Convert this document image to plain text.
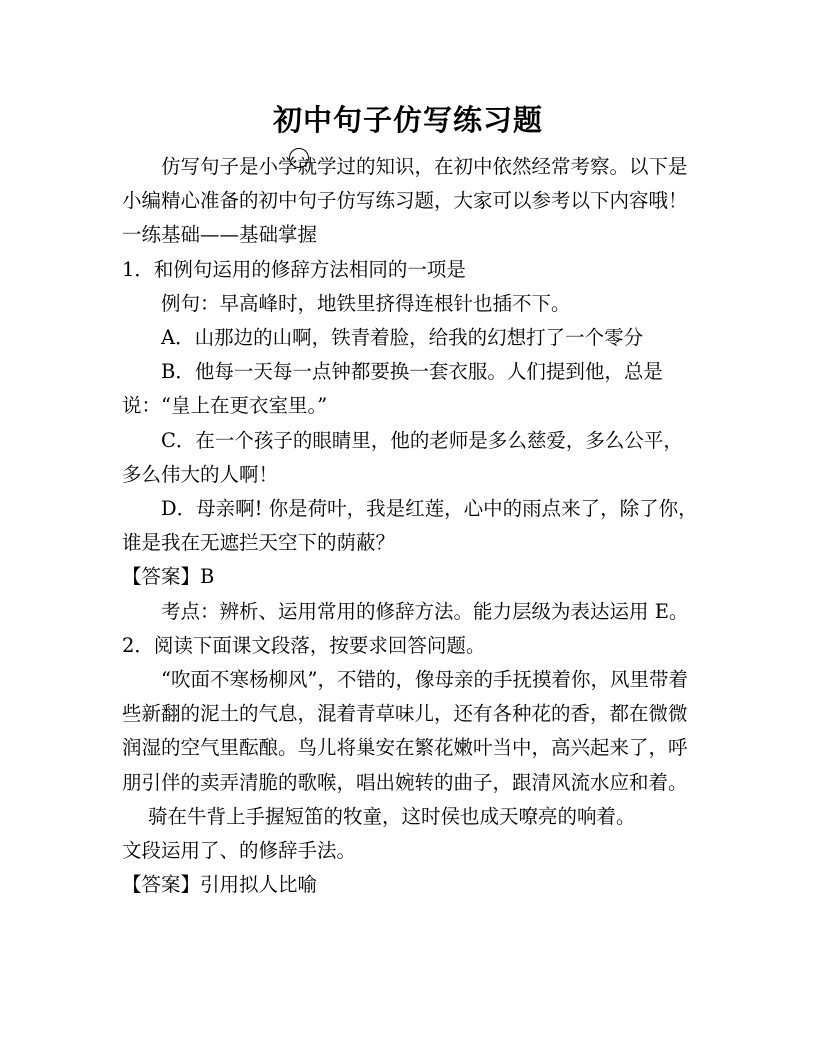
初中句子仿写练习题

仿写句子是小学就学过的知识，在初中依然经常考察。以下是小编精心准备的初中句子仿写练习题，大家可以参考以下内容哦！

一练基础——基础掌握

1．和例句运用的修辞方法相同的一项是

例句：早高峰时，地铁里挤得连根针也插不下。

A．山那边的山啊，铁青着脸，给我的幻想打了一个零分

B．他每一天每一点钟都要换一套衣服。人们提到他，总是说：“皇上在更衣室里。”

C．在一个孩子的眼睛里，他的老师是多么慈爱，多么公平，多么伟大的人啊！

D．母亲啊! 你是荷叶，我是红莲，心中的雨点来了，除了你，谁是我在无遮拦天空下的荫蔽？

【答案】B

考点：辨析、运用常用的修辞方法。能力层级为表达运用 E。

2．阅读下面课文段落，按要求回答问题。

“吹面不寒杨柳风”，不错的，像母亲的手抚摸着你，风里带着些新翻的泥土的气息，混着青草味儿，还有各种花的香，都在微微润湿的空气里酝酿。鸟儿将巢安在繁花嫩叶当中，高兴起来了，呼朋引伴的卖弄清脆的歌喉，唱出婉转的曲子，跟清风流水应和着。骑在牛背上手握短笛的牧童，这时侯也成天嘹亮的响着。

文段运用了、的修辞手法。

【答案】引用拟人比喻
